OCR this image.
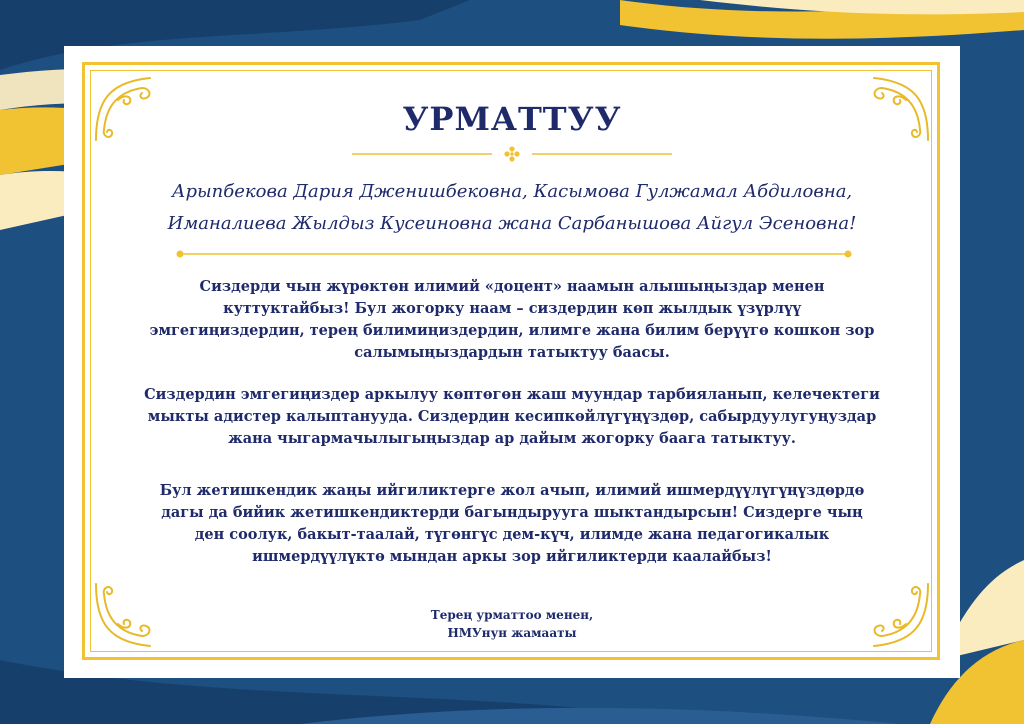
УРМАТТУУ

Арыпбекова Дария Дженишбековна, Касымова Гулжамал Абдиловна,
Иманалиева Жылдыз Кусеиновна жана Сарбанышова Айгул Эсеновна!

Сиздерди чын жүрөктөн илимий «доцент» наамын алышыңыздар менен куттуктайбыз! Бул жогорку наам – сиздердин көп жылдык үзүрлүү эмгегиңиздердин, терең билимиңиздердин, илимге жана билим берүүгө кошкон зор салымыңыздардын татыктуу баасы.

Сиздердин эмгегиңиздер аркылуу көптөгөн жаш муундар тарбияланып, келечектеги мыкты адистер калыптанууда. Сиздердин кесипкөйлүгүңүздөр, сабырдуулугуңуздар жана чыгармачылыгыңыздар ар дайым жогорку баага татыктуу.

Бул жетишкендик жаңы ийгиликтерге жол ачып, илимий ишмердүүлүгүңүздөрдө дагы да бийик жетишкендиктерди багындырууга шыктандырсын! Сиздерге чың ден соолук, бакыт-таалай, түгөнгүс дем-күч, илимде жана педагогикалык ишмердүүлүктө мындан аркы зор ийгиликтерди каалайбыз!

Терең урматтоо менен,

НМУнун жамааты
